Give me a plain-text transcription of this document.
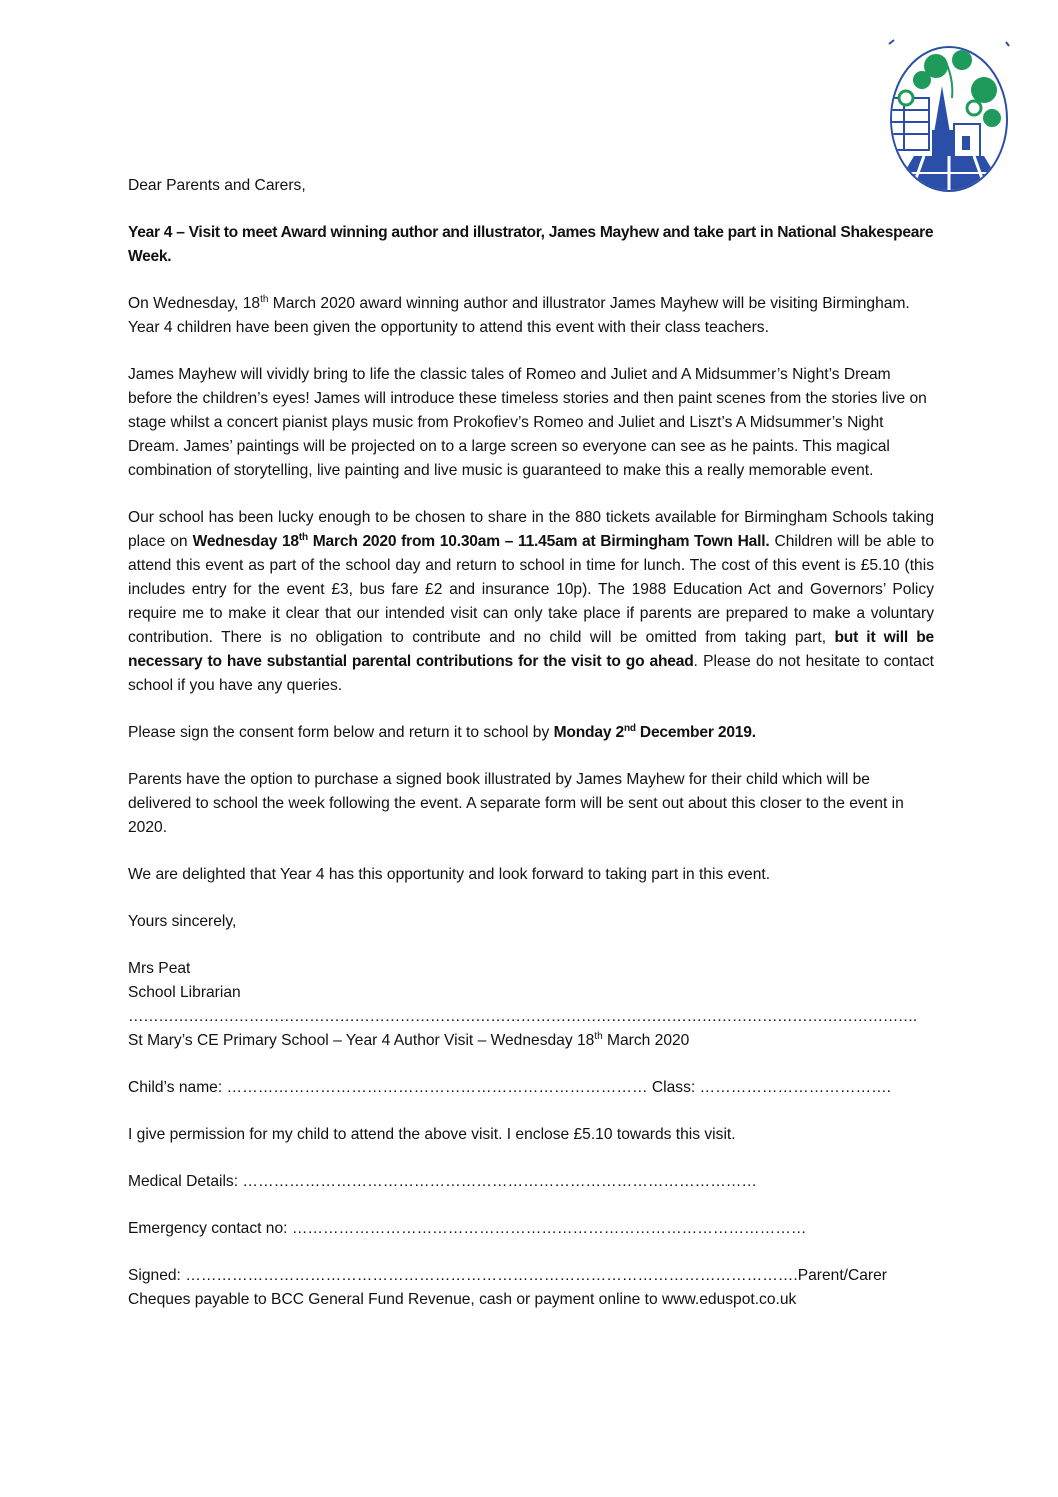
Dear Parents and Carers,

Year 4 – Visit to meet Award winning author and illustrator, James Mayhew and take part in National Shakespeare Week.

On Wednesday, 18th March 2020 award winning author and illustrator James Mayhew will be visiting Birmingham. Year 4 children have been given the opportunity to attend this event with their class teachers.

James Mayhew will vividly bring to life the classic tales of Romeo and Juliet and A Midsummer’s Night’s Dream before the children’s eyes! James will introduce these timeless stories and then paint scenes from the stories live on stage whilst a concert pianist plays music from Prokofiev’s Romeo and Juliet and Liszt’s A Midsummer’s Night Dream. James’ paintings will be projected on to a large screen so everyone can see as he paints. This magical combination of storytelling, live painting and live music is guaranteed to make this a really memorable event.

Our school has been lucky enough to be chosen to share in the 880 tickets available for Birmingham Schools taking place on Wednesday 18th March 2020 from 10.30am – 11.45am at Birmingham Town Hall. Children will be able to attend this event as part of the school day and return to school in time for lunch. The cost of this event is £5.10 (this includes entry for the event £3, bus fare £2 and insurance 10p). The 1988 Education Act and Governors’ Policy require me to make it clear that our intended visit can only take place if parents are prepared to make a voluntary contribution. There is no obligation to contribute and no child will be omitted from taking part, but it will be necessary to have substantial parental contributions for the visit to go ahead. Please do not hesitate to contact school if you have any queries.

Please sign the consent form below and return it to school by Monday 2nd December 2019.

Parents have the option to purchase a signed book illustrated by James Mayhew for their child which will be delivered to school the week following the event. A separate form will be sent out about this closer to the event in 2020.

We are delighted that Year 4 has this opportunity and look forward to taking part in this event.

Yours sincerely,

Mrs Peat

School Librarian

………………………………………………………………………………………………………………………………………….

St Mary’s CE Primary School – Year 4 Author Visit – Wednesday 18th March 2020

Child’s name: ……………………………………………………………………… Class: ……………………………….

I give permission for my child to attend the above visit. I enclose £5.10 towards this visit.

Medical Details: ………………………………………………………………………………………

Emergency contact no: ………………………………………………………………………………………

Signed: ……………………………………………………………………………………………………….Parent/Carer

Cheques payable to BCC General Fund Revenue, cash or payment online to www.eduspot.co.uk
